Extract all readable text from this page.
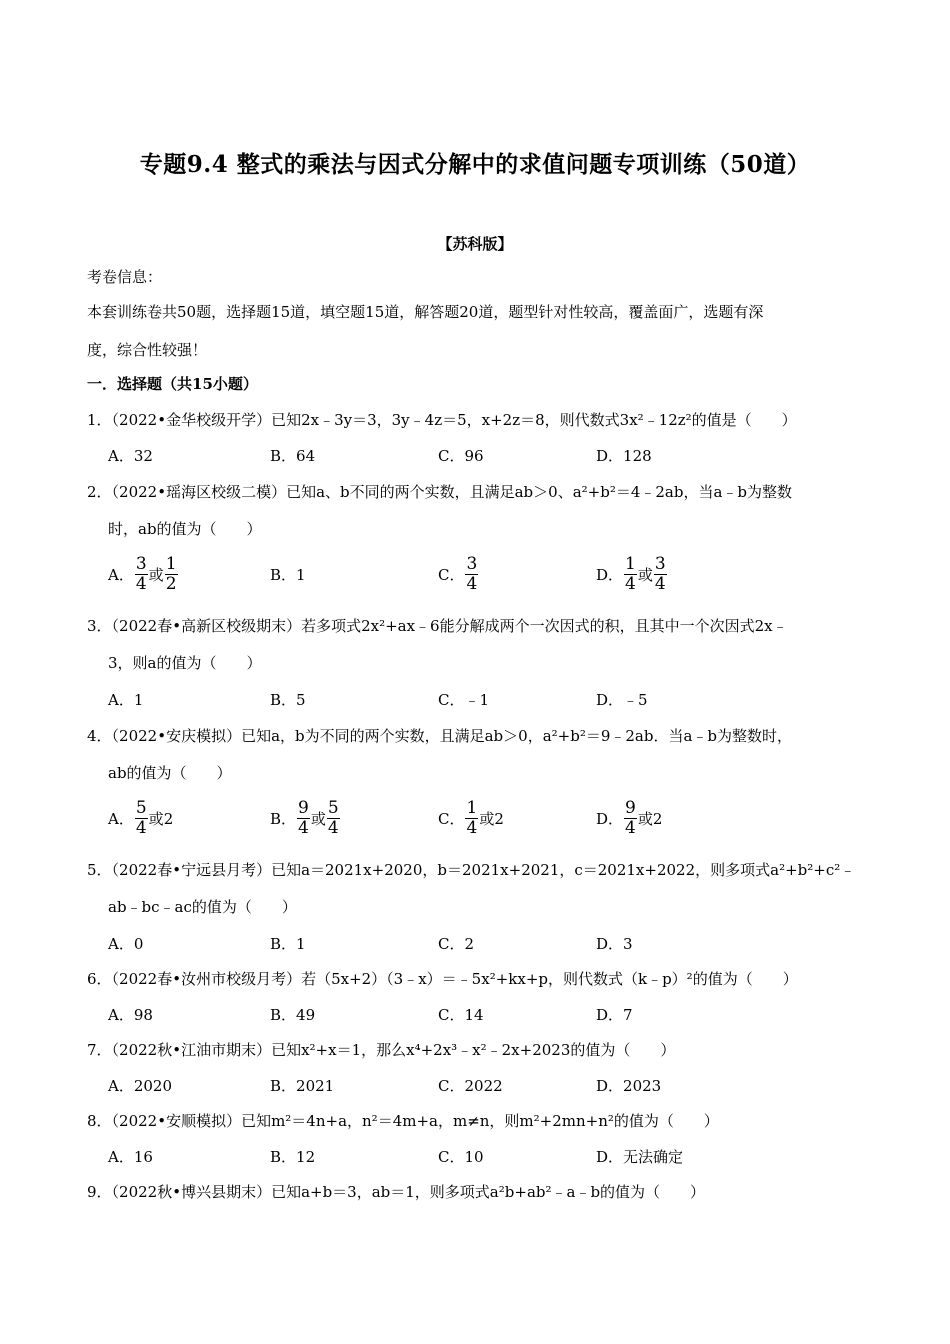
专题9.4 整式的乘法与因式分解中的求值问题专项训练（50道）
【苏科版】
考卷信息：
本套训练卷共50题，选择题15道，填空题15道，解答题20道，题型针对性较高，覆盖面广，选题有深
度，综合性较强！
一．选择题（共15小题）
1．（2022•金华校级开学）已知2x﹣3y＝3，3y﹣4z＝5，x+2z＝8，则代数式3x²﹣12z²的值是（　　）
A．32	B．64	C．96	D．128
2．（2022•瑶海区校级二模）已知a、b不同的两个实数，且满足ab＞0、a²+b²＝4﹣2ab，当a﹣b为整数
时，ab的值为（　　）
A． $\frac{3}{4}$ 或 $\frac{1}{2}$	B．1	C． $\frac{3}{4}$	D． $\frac{1}{4}$ 或 $\frac{3}{4}$
3．（2022春•高新区校级期末）若多项式2x²+ax﹣6能分解成两个一次因式的积，且其中一个次因式2x﹣
3，则a的值为（　　）
A．1	B．5	C．﹣1	D．﹣5
4．（2022•安庆模拟）已知a，b为不同的两个实数，且满足ab＞0，a²+b²＝9﹣2ab．当a﹣b为整数时，
ab的值为（　　）
A． $\frac{5}{4}$ 或 2	B． $\frac{9}{4}$ 或 $\frac{5}{4}$	C． $\frac{1}{4}$ 或 2	D． $\frac{9}{4}$ 或 2
5．（2022春•宁远县月考）已知a＝2021x+2020，b＝2021x+2021，c＝2021x+2022，则多项式a²+b²+c²﹣
ab﹣bc﹣ac的值为（　　）
A．0	B．1	C．2	D．3
6．（2022春•汝州市校级月考）若（5x+2）（3﹣x）＝﹣5x²+kx+p，则代数式（k﹣p）²的值为（　　）
A．98	B．49	C．14	D．7
7．（2022秋•江油市期末）已知x²+x＝1，那么x⁴+2x³﹣x²﹣2x+2023的值为（　　）
A．2020	B．2021	C．2022	D．2023
8．（2022•安顺模拟）已知m²＝4n+a，n²＝4m+a，m≠n，则m²+2mn+n²的值为（　　）
A．16	B．12	C．10	D．无法确定
9．（2022秋•博兴县期末）已知a+b＝3，ab＝1，则多项式a²b+ab²﹣a﹣b的值为（　　）
